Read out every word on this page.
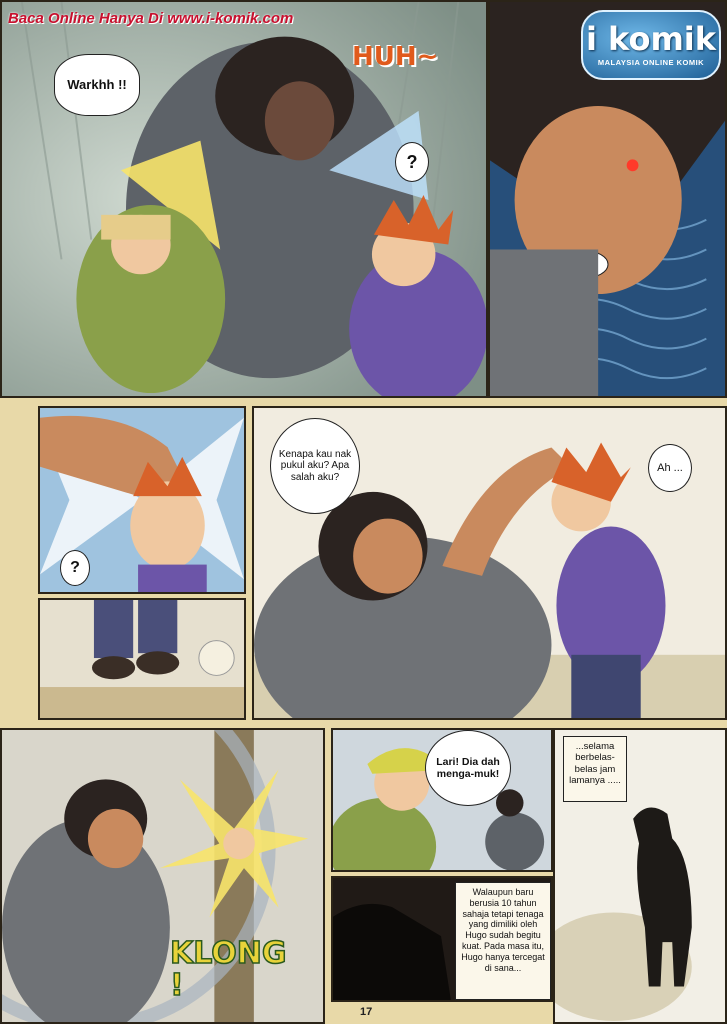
Baca Online Hanya Di www.i-komik.com
i komik
MALAYSIA ONLINE KOMIK
Warkhh !!
HUH~
?
?
Kenapa kau nak pukul aku? Apa salah aku?
Ah ...
KLONG !
Lari! Dia dah menga-muk!
...selama berbelas-belas jam lamanya .....
Walaupun baru berusia 10 tahun sahaja tetapi tenaga yang dimiliki oleh Hugo sudah begitu kuat. Pada masa itu, Hugo hanya tercegat di sana...
17
